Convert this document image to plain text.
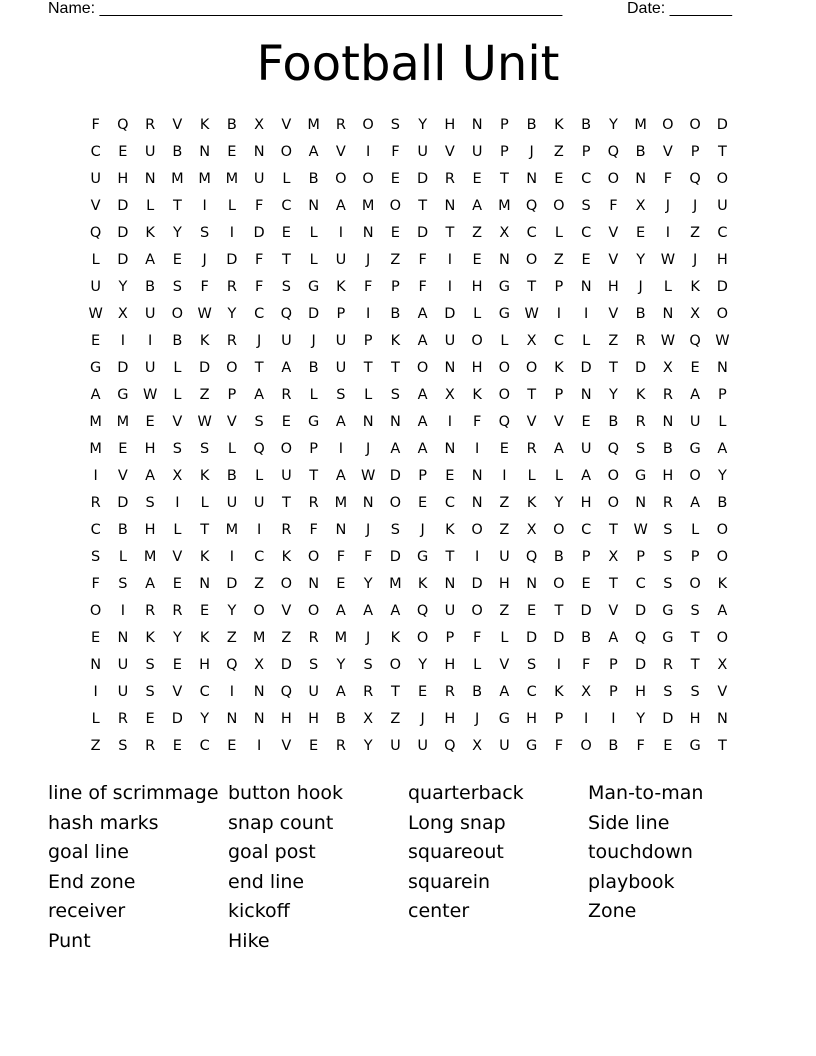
Name: ____________________________________________________	Date: _______
Football Unit
F	Q	R	V	K	B	X	V	M	R	O	S	Y	H	N	P	B	K	B	Y	M	O	O	D
C	E	U	B	N	E	N	O	A	V	I	F	U	V	U	P	J	Z	P	Q	B	V	P	T
U	H	N	M	M	M	U	L	B	O	O	E	D	R	E	T	N	E	C	O	N	F	Q	O
V	D	L	T	I	L	F	C	N	A	M	O	T	N	A	M	Q	O	S	F	X	J	J	U
Q	D	K	Y	S	I	D	E	L	I	N	E	D	T	Z	X	C	L	C	V	E	I	Z	C
L	D	A	E	J	D	F	T	L	U	J	Z	F	I	E	N	O	Z	E	V	Y	W	J	H
U	Y	B	S	F	R	F	S	G	K	F	P	F	I	H	G	T	P	N	H	J	L	K	D
W	X	U	O W	Y	C	Q	D	P	I	B	A	D	L	G W	I	I	V	B	N	X	O
E	I	I	B	K	R	J	U	J	U	P	K	A	U	O	L	X	C	L	Z	R	W Q W
G	D	U	L	D	O	T	A	B	U	T	T	O	N	H	O	O	K	D	T	D	X	E	N
A	G W	L	Z	P	A	R	L	S	L	S	A	X	K	O	T	P	N	Y	K	R	A	P
M	M	E	V	W	V	S	E	G	A	N	N	A	I	F	Q	V	V	E	B	R	N	U	L
M	E	H	S	S	L	Q	O	P	I	J	A	A	N	I	E	R	A	U	Q	S	B	G	A
I	V	A	X	K	B	L	U	T	A	W D	P	E	N	I	L	L	A	O	G	H	O	Y
R	D	S	I	L	U	U	T	R	M	N	O	E	C	N	Z	K	Y	H	O	N	R	A	B
C	B	H	L	T	M	I	R	F	N	J	S	J	K	O	Z	X	O	C	T	W	S	L	O
S	L	M	V	K	I	C	K	O	F	F	D	G	T	I	U	Q	B	P	X	P	S	P	O
F	S	A	E	N	D	Z	O	N	E	Y	M	K	N	D	H	N	O	E	T	C	S	O	K
O	I	R	R	E	Y	O	V	O	A	A	A	Q	U	O	Z	E	T	D	V	D	G	S	A
E	N	K	Y	K	Z	M	Z	R	M	J	K	O	P	F	L	D	D	B	A	Q	G	T	O
N	U	S	E	H	Q	X	D	S	Y	S	O	Y	H	L	V	S	I	F	P	D	R	T	X
I	U	S	V	C	I	N	Q	U	A	R	T	E	R	B	A	C	K	X	P	H	S	S	V
L	R	E	D	Y	N	N	H	H	B	X	Z	J	H	J	G	H	P	I	I	Y	D	H	N
Z	S	R	E	C	E	I	V	E	R	Y	U	U	Q	X	U	G	F	O	B	F	E	G	T
line of scrimmage
hash marks
goal line
End zone
receiver
Punt
button hook
snap count
goal post
end line
kickoff
Hike
quarterback
Long snap
squareout
squarein
center
Man-to-man
Side line
touchdown
playbook
Zone
